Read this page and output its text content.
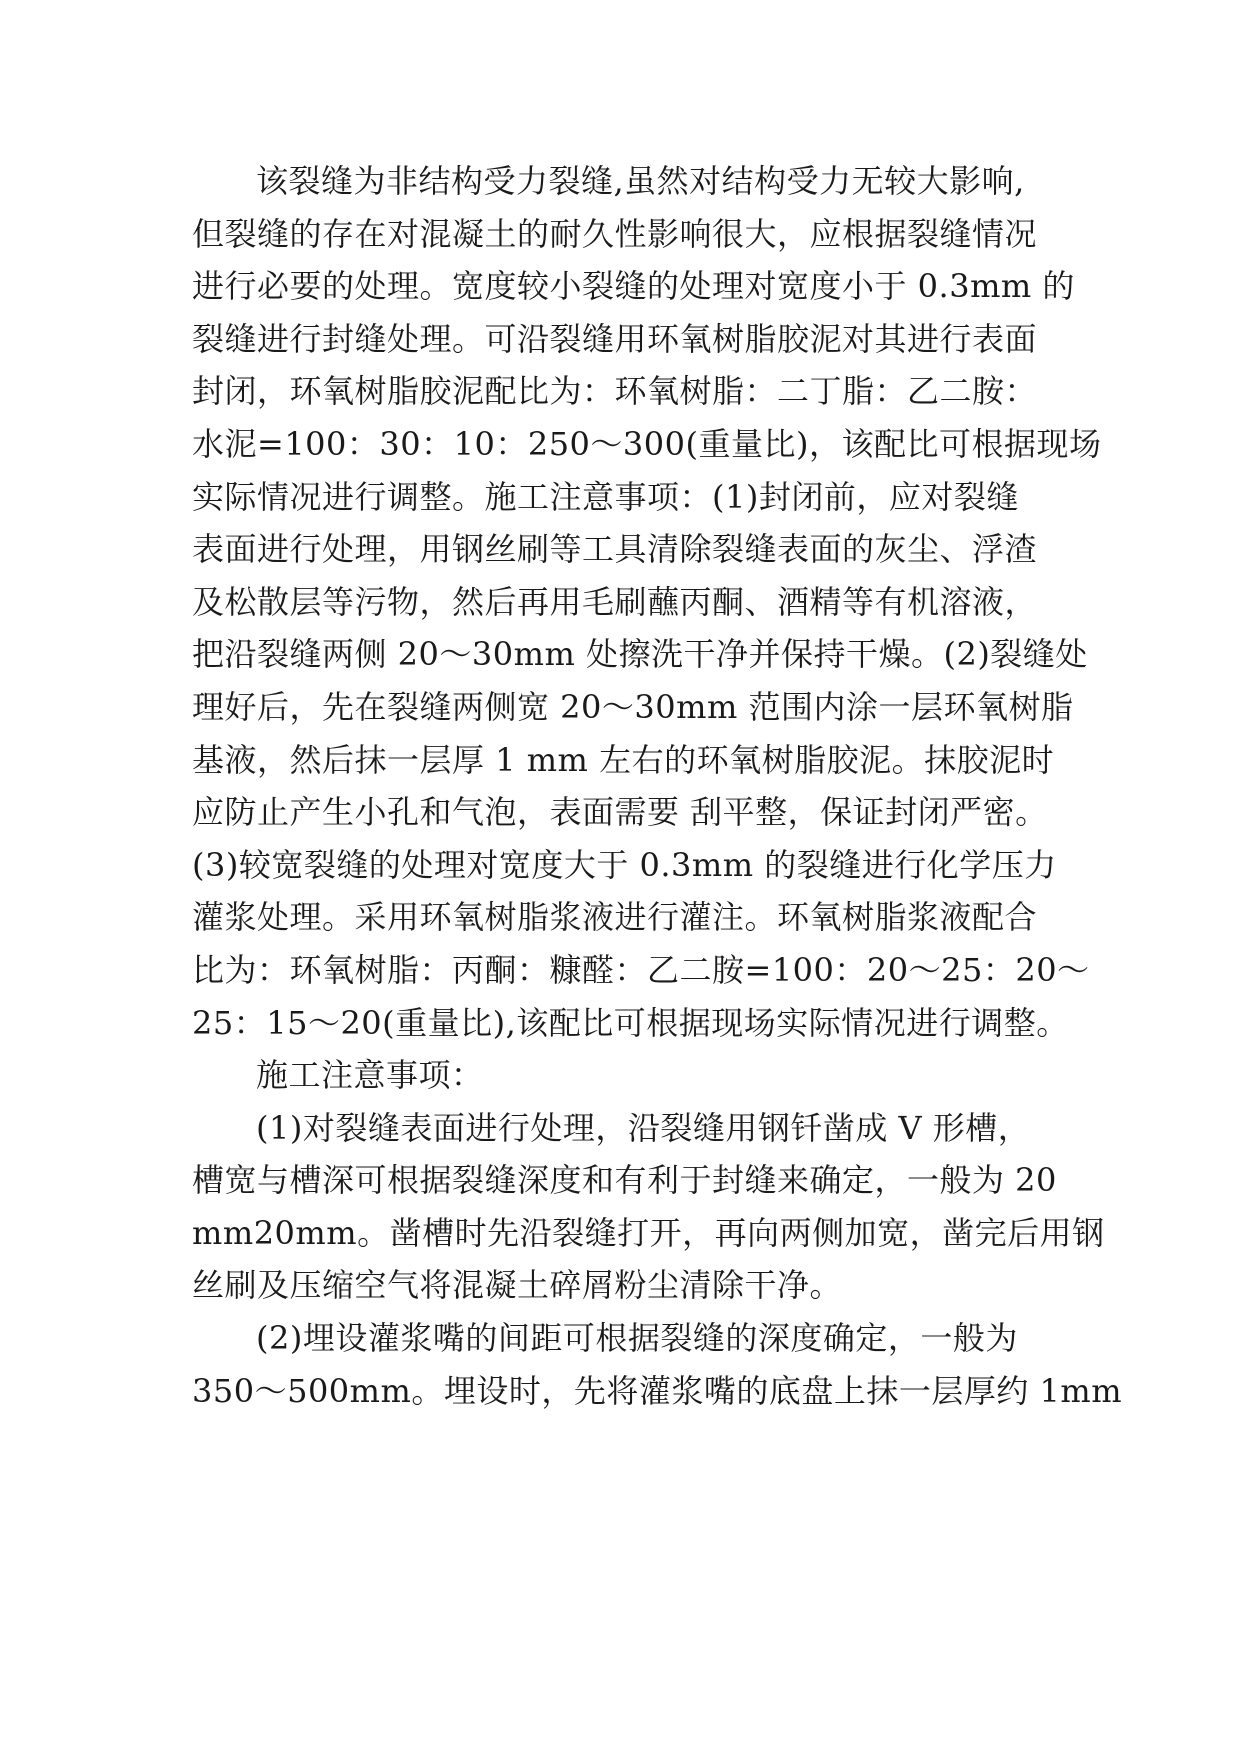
该裂缝为非结构受力裂缝,虽然对结构受力无较大影响,
但裂缝的存在对混凝土的耐久性影响很大，应根据裂缝情况
进行必要的处理。宽度较小裂缝的处理对宽度小于 0.3mm 的
裂缝进行封缝处理。可沿裂缝用环氧树脂胶泥对其进行表面
封闭，环氧树脂胶泥配比为：环氧树脂：二丁脂：乙二胺：
水泥=100：30：10：250～300(重量比)，该配比可根据现场
实际情况进行调整。施工注意事项：(1)封闭前，应对裂缝
表面进行处理，用钢丝刷等工具清除裂缝表面的灰尘、浮渣
及松散层等污物，然后再用毛刷蘸丙酮、酒精等有机溶液，
把沿裂缝两侧 20～30mm 处擦洗干净并保持干燥。(2)裂缝处
理好后，先在裂缝两侧宽 20～30mm 范围内涂一层环氧树脂
基液，然后抹一层厚 1 mm 左右的环氧树脂胶泥。抹胶泥时
应防止产生小孔和气泡，表面需要 刮平整，保证封闭严密。
(3)较宽裂缝的处理对宽度大于 0.3mm 的裂缝进行化学压力
灌浆处理。采用环氧树脂浆液进行灌注。环氧树脂浆液配合
比为：环氧树脂：丙酮：糠醛：乙二胺=100：20～25：20～
25：15～20(重量比),该配比可根据现场实际情况进行调整。
施工注意事项：
(1)对裂缝表面进行处理，沿裂缝用钢钎凿成 V 形槽，
槽宽与槽深可根据裂缝深度和有利于封缝来确定，一般为 20
mm20mm。凿槽时先沿裂缝打开，再向两侧加宽，凿完后用钢
丝刷及压缩空气将混凝土碎屑粉尘清除干净。
(2)埋设灌浆嘴的间距可根据裂缝的深度确定，一般为
350～500mm。埋设时，先将灌浆嘴的底盘上抹一层厚约 1mm
